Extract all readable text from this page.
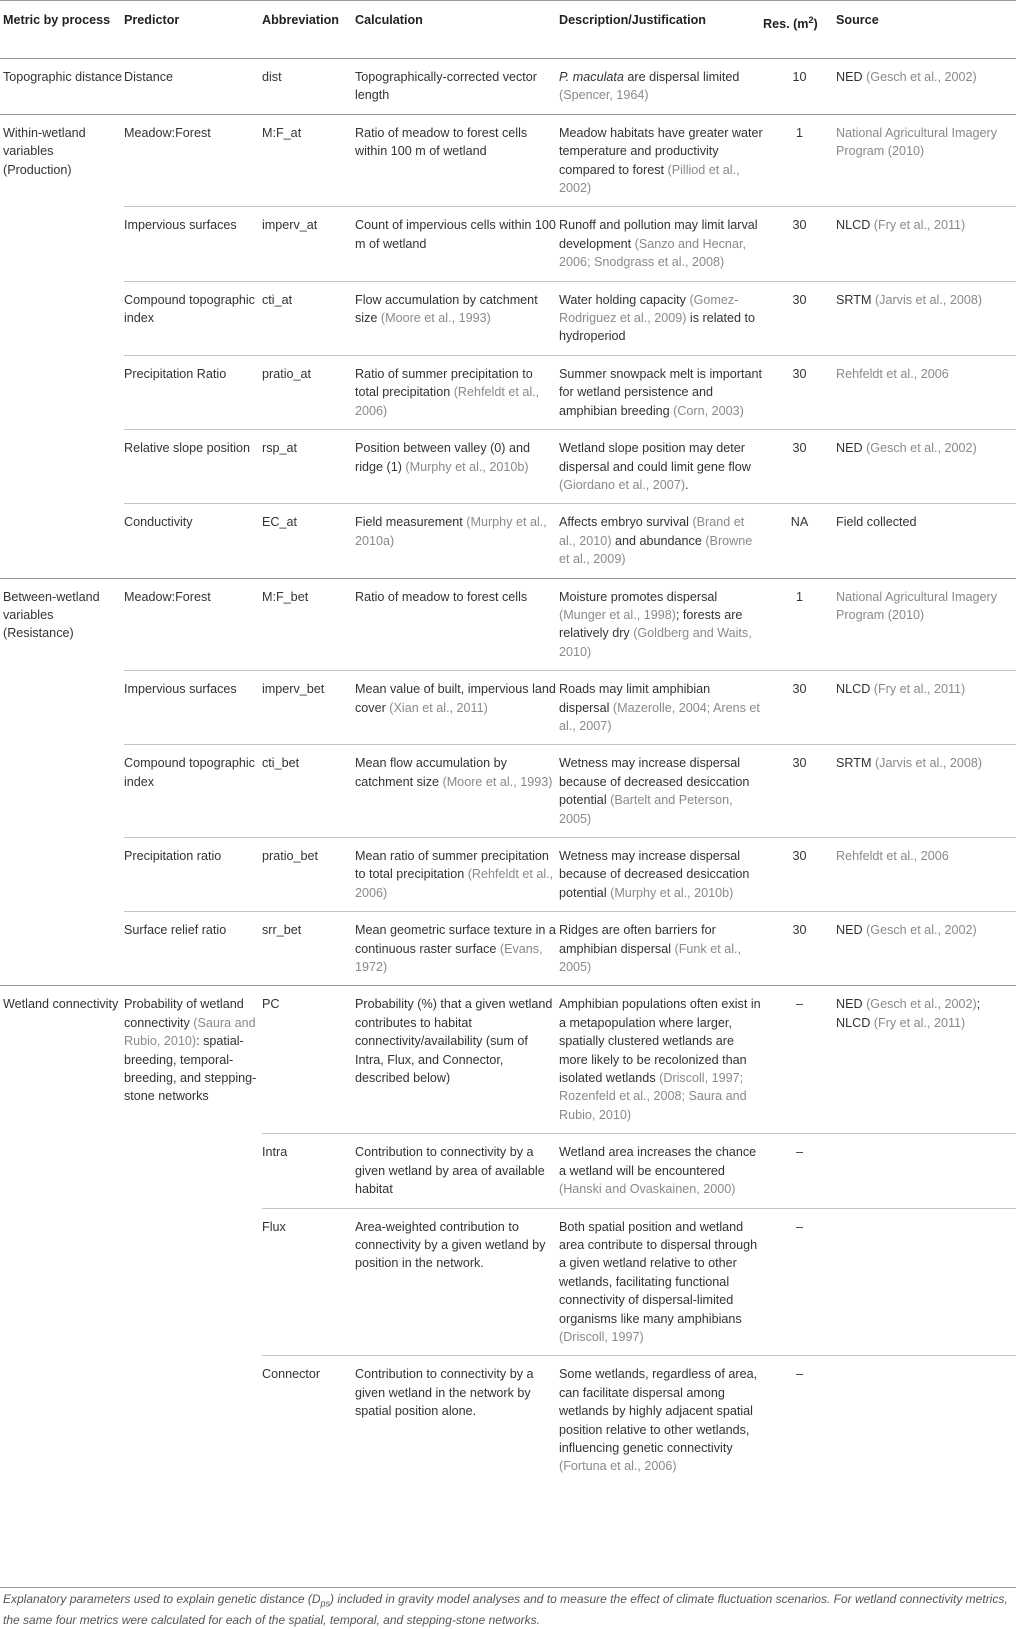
Metric by process	Predictor	Abbreviation	Calculation	Description/Justification	Res. $(m^2)$	Source
Topographic distance	Distance	dist	Topographically-corrected vector length	P. maculata are dispersal limited (Spencer, 1964)	10	NED (Gesch et al., 2002)
Within-wetland variables (Production)	Meadow:Forest	M:F_at	Ratio of meadow to forest cells within 100 m of wetland	Meadow habitats have greater water temperature and productivity compared to forest (Pilliod et al., 2002)	1	National Agricultural Imagery Program (2010)
	Impervious surfaces	imperv_at	Count of impervious cells within 100 m of wetland	Runoff and pollution may limit larval development (Sanzo and Hecnar, 2006; Snodgrass et al., 2008)	30	NLCD (Fry et al., 2011)
	Compound topographic index	cti_at	Flow accumulation by catchment size (Moore et al., 1993)	Water holding capacity (Gomez-Rodriguez et al., 2009) is related to hydroperiod	30	SRTM (Jarvis et al., 2008)
	Precipitation Ratio	pratio_at	Ratio of summer precipitation to total precipitation (Rehfeldt et al., 2006)	Summer snowpack melt is important for wetland persistence and amphibian breeding (Corn, 2003)	30	Rehfeldt et al., 2006
	Relative slope position	rsp_at	Position between valley (0) and ridge (1) (Murphy et al., 2010b)	Wetland slope position may deter dispersal and could limit gene flow (Giordano et al., 2007).	30	NED (Gesch et al., 2002)
	Conductivity	EC_at	Field measurement (Murphy et al., 2010a)	Affects embryo survival (Brand et al., 2010) and abundance (Browne et al., 2009)	NA	Field collected
Between-wetland variables (Resistance)	Meadow:Forest	M:F_bet	Ratio of meadow to forest cells	Moisture promotes dispersal (Munger et al., 1998); forests are relatively dry (Goldberg and Waits, 2010)	1	National Agricultural Imagery Program (2010)
	Impervious surfaces	imperv_bet	Mean value of built, impervious land cover (Xian et al., 2011)	Roads may limit amphibian dispersal (Mazerolle, 2004; Arens et al., 2007)	30	NLCD (Fry et al., 2011)
	Compound topographic index	cti_bet	Mean flow accumulation by catchment size (Moore et al., 1993)	Wetness may increase dispersal because of decreased desiccation potential (Bartelt and Peterson, 2005)	30	SRTM (Jarvis et al., 2008)
	Precipitation ratio	pratio_bet	Mean ratio of summer precipitation to total precipitation (Rehfeldt et al., 2006)	Wetness may increase dispersal because of decreased desiccation potential (Murphy et al., 2010b)	30	Rehfeldt et al., 2006
	Surface relief ratio	srr_bet	Mean geometric surface texture in a continuous raster surface (Evans, 1972)	Ridges are often barriers for amphibian dispersal (Funk et al., 2005)	30	NED (Gesch et al., 2002)
Wetland connectivity	Probability of wetland connectivity (Saura and Rubio, 2010): spatial-breeding, temporal-breeding, and stepping-stone networks	PC	Probability (%) that a given wetland contributes to habitat connectivity/availability (sum of Intra, Flux, and Connector, described below)	Amphibian populations often exist in a metapopulation where larger, spatially clustered wetlands are more likely to be recolonized than isolated wetlands (Driscoll, 1997; Rozenfeld et al., 2008; Saura and Rubio, 2010)	–	NED (Gesch et al., 2002); NLCD (Fry et al., 2011)
		Intra	Contribution to connectivity by a given wetland by area of available habitat	Wetland area increases the chance a wetland will be encountered (Hanski and Ovaskainen, 2000)	–	
		Flux	Area-weighted contribution to connectivity by a given wetland by position in the network.	Both spatial position and wetland area contribute to dispersal through a given wetland relative to other wetlands, facilitating functional connectivity of dispersal-limited organisms like many amphibians (Driscoll, 1997)	–	
		Connector	Contribution to connectivity by a given wetland in the network by spatial position alone.	Some wetlands, regardless of area, can facilitate dispersal among wetlands by highly adjacent spatial position relative to other wetlands, influencing genetic connectivity (Fortuna et al., 2006)	–	
Explanatory parameters used to explain genetic distance $(D_{ps})$ included in gravity model analyses and to measure the effect of climate fluctuation scenarios. For wetland connectivity metrics, the same four metrics were calculated for each of the spatial, temporal, and stepping-stone networks.
